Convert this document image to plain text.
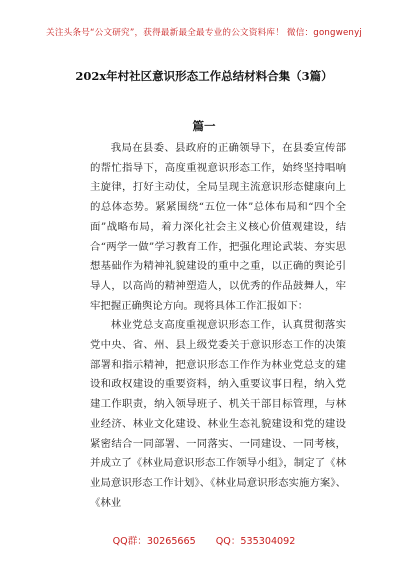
关注头条号“公文研究”，获得最新最全最专业的公文资料库！ 微信：gongwenyj
202x年村社区意识形态工作总结材料合集（3篇）
篇一

我局在县委、县政府的正确领导下，在县委宣传部的帮忙指导下，高度重视意识形态工作，始终坚持唱响主旋律，打好主动仗，全局呈现主流意识形态健康向上的总体态势。紧紧围绕“五位一体”总体布局和“四个全面”战略布局，着力深化社会主义核心价值观建设，结合“两学一做”学习教育工作，把强化理论武装、夯实思想基础作为精神礼貌建设的重中之重，以正确的舆论引导人，以高尚的精神塑造人，以优秀的作品鼓舞人，牢牢把握正确舆论方向。现将具体工作汇报如下：

林业党总支高度重视意识形态工作，认真贯彻落实党中央、省、州、县上级党委关于意识形态工作的决策部署和指示精神，把意识形态工作作为林业党总支的建设和政权建设的重要资料，纳入重要议事日程，纳入党建工作职责，纳入领导班子、机关干部目标管理，与林业经济、林业文化建设、林业生态礼貌建设和党的建设紧密结合一同部署、一同落实、一同建设、一同考核，并成立了《林业局意识形态工作领导小组》，制定了《林业局意识形态工作计划》、《林业局意识形态实施方案》、《林业

QQ群：30265665 QQ：535304092
